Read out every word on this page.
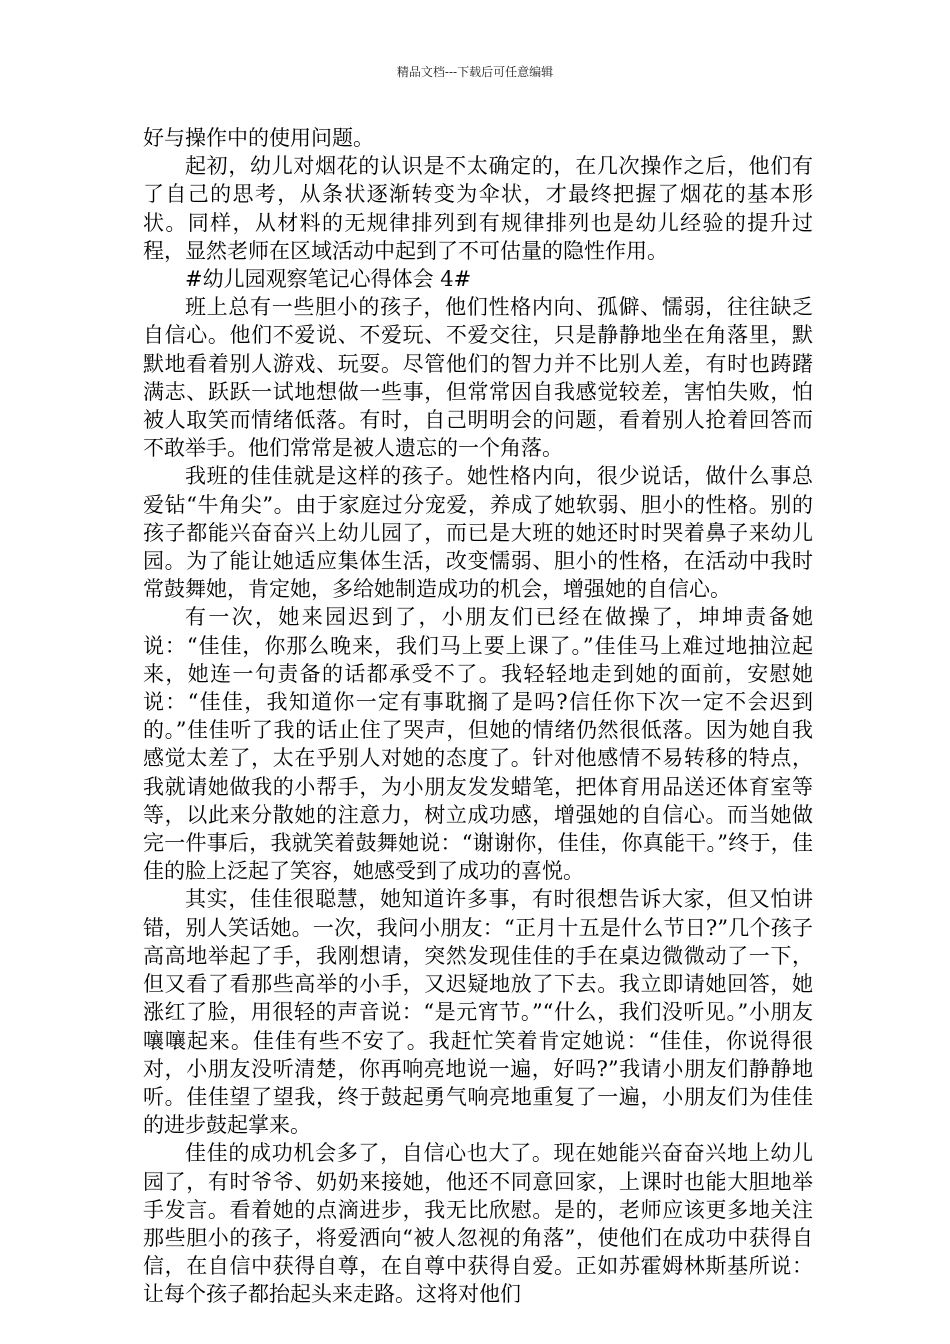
精品文档---下载后可任意编辑

好与操作中的使用问题。

起初，幼儿对烟花的认识是不太确定的，在几次操作之后，他们有了自己的思考，从条状逐渐转变为伞状，才最终把握了烟花的基本形状。同样，从材料的无规律排列到有规律排列也是幼儿经验的提升过程，显然老师在区域活动中起到了不可估量的隐性作用。

#幼儿园观察笔记心得体会 4#

班上总有一些胆小的孩子，他们性格内向、孤僻、懦弱，往往缺乏自信心。他们不爱说、不爱玩、不爱交往，只是静静地坐在角落里，默默地看着别人游戏、玩耍。尽管他们的智力并不比别人差，有时也踌躇满志、跃跃一试地想做一些事，但常常因自我感觉较差，害怕失败，怕被人取笑而情绪低落。有时，自己明明会的问题，看着别人抢着回答而不敢举手。他们常常是被人遗忘的一个角落。

我班的佳佳就是这样的孩子。她性格内向，很少说话，做什么事总爱钻“牛角尖”。由于家庭过分宠爱，养成了她软弱、胆小的性格。别的孩子都能兴奋奋兴上幼儿园了，而已是大班的她还时时哭着鼻子来幼儿园。为了能让她适应集体生活，改变懦弱、胆小的性格，在活动中我时常鼓舞她，肯定她，多给她制造成功的机会，增强她的自信心。

有一次，她来园迟到了，小朋友们已经在做操了，坤坤责备她说：“佳佳，你那么晚来，我们马上要上课了。”佳佳马上难过地抽泣起来，她连一句责备的话都承受不了。我轻轻地走到她的面前，安慰她说：“佳佳，我知道你一定有事耽搁了是吗?信任你下次一定不会迟到的。”佳佳听了我的话止住了哭声，但她的情绪仍然很低落。因为她自我感觉太差了，太在乎别人对她的态度了。针对他感情不易转移的特点，我就请她做我的小帮手，为小朋友发发蜡笔，把体育用品送还体育室等等，以此来分散她的注意力，树立成功感，增强她的自信心。而当她做完一件事后，我就笑着鼓舞她说：“谢谢你，佳佳，你真能干。”终于，佳佳的脸上泛起了笑容，她感受到了成功的喜悦。

其实，佳佳很聪慧，她知道许多事，有时很想告诉大家，但又怕讲错，别人笑话她。一次，我问小朋友：“正月十五是什么节日?”几个孩子高高地举起了手，我刚想请，突然发现佳佳的手在桌边微微动了一下，但又看了看那些高举的小手，又迟疑地放了下去。我立即请她回答，她涨红了脸，用很轻的声音说：“是元宵节。”“什么，我们没听见。”小朋友嚷嚷起来。佳佳有些不安了。我赶忙笑着肯定她说：“佳佳，你说得很对，小朋友没听清楚，你再响亮地说一遍，好吗?”我请小朋友们静静地听。佳佳望了望我，终于鼓起勇气响亮地重复了一遍，小朋友们为佳佳的进步鼓起掌来。

佳佳的成功机会多了，自信心也大了。现在她能兴奋奋兴地上幼儿园了，有时爷爷、奶奶来接她，他还不同意回家，上课时也能大胆地举手发言。看着她的点滴进步，我无比欣慰。是的，老师应该更多地关注那些胆小的孩子，将爱洒向“被人忽视的角落”，使他们在成功中获得自信，在自信中获得自尊，在自尊中获得自爱。正如苏霍姆林斯基所说：让每个孩子都抬起头来走路。这将对他们
